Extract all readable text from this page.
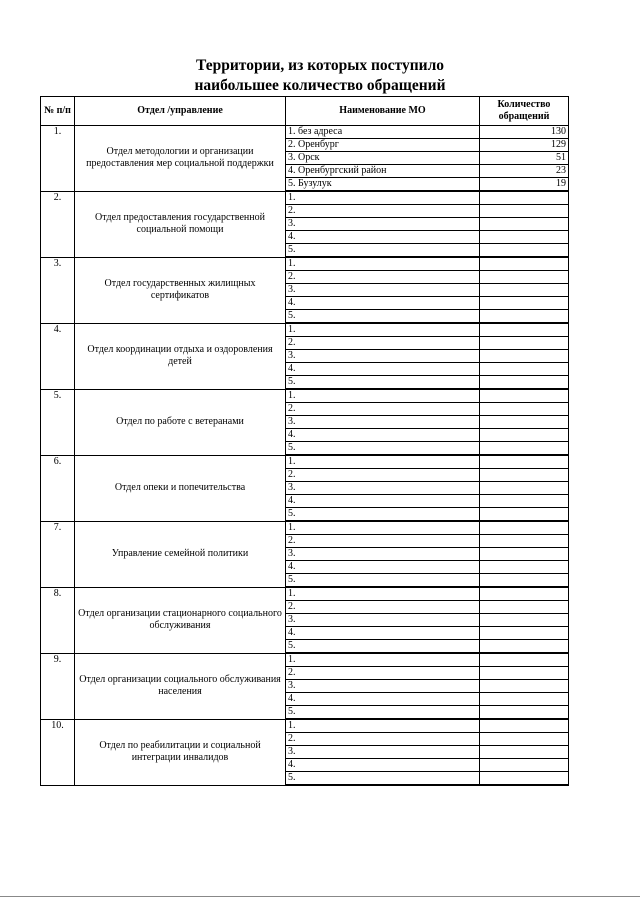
Территории, из которых поступило
наибольшее количество обращений
№ п/п	Отдел /управление	Наименование МО	Количество обращений
1.	Отдел методологии и организации предоставления мер социальной поддержки	1. без адреса	130
		2. Оренбург	129
		3. Орск	51
		4. Оренбургский район	23
		5. Бузулук	19
2.	Отдел предоставления государственной социальной помощи	1.	
		2.	
		3.	
		4.	
		5.	
3.	Отдел государственных жилищных сертификатов	1.	
		2.	
		3.	
		4.	
		5.	
4.	Отдел координации отдыха и оздоровления детей	1.	
		2.	
		3.	
		4.	
		5.	
5.	Отдел по работе с ветеранами	1.	
		2.	
		3.	
		4.	
		5.	
6.	Отдел опеки и попечительства	1.	
		2.	
		3.	
		4.	
		5.	
7.	Управление семейной политики	1.	
		2.	
		3.	
		4.	
		5.	
8.	Отдел организации стационарного социального обслуживания	1.	
		2.	
		3.	
		4.	
		5.	
9.	Отдел организации социального обслуживания населения	1.	
		2.	
		3.	
		4.	
		5.	
10.	Отдел по реабилитации и социальной интеграции инвалидов	1.	
		2.	
		3.	
		4.	
		5.	
